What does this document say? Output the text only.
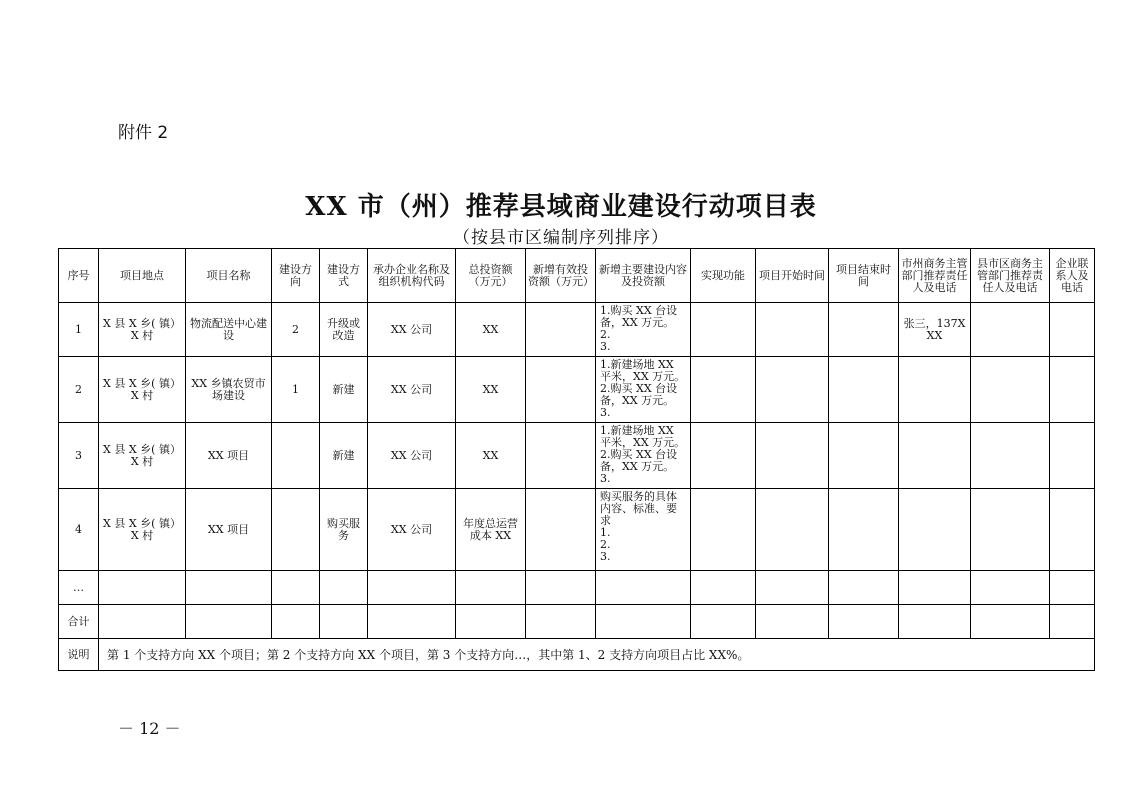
附件 2
XX 市（州）推荐县域商业建设行动项目表
（按县市区编制序列排序）
序号	项目地点	项目名称	建设方向	建设方式	承办企业名称及组织机构代码	总投资额（万元）	新增有效投资额（万元）	新增主要建设内容及投资额	实现功能	项目开始时间	项目结束时间	市州商务主管部门推荐责任人及电话	县市区商务主管部门推荐责任人及电话	企业联系人及电话
1	X 县 X 乡( 镇）X 村	物流配送中心建设	2	升级或改造	XX 公司	XX		1.购买 XX 台设备，XX 万元。
2.
3.				张三，137XXX		
2	X 县 X 乡( 镇）X 村	XX 乡镇农贸市场建设	1	新建	XX 公司	XX		1.新建场地 XX 平米，XX 万元。
2.购买 XX 台设备，XX 万元。
3.						

3	X 县 X 乡( 镇）X 村	XX 项目		新建	XX 公司	XX		1.新建场地 XX 平米，XX 万元。
2.购买 XX 台设备，XX 万元。
3.						

4	X 县 X 乡( 镇）X 村	XX 项目		购买服务	XX 公司	年度总运营成本 XX		购买服务的具体内容、标准、要求
1.
2.
3.						

…														
合计														
说明	第 1 个支持方向 XX 个项目；第 2 个支持方向 XX 个项目，第 3 个支持方向…，其中第 1、2 支持方向项目占比 XX%。													
－ 12 －
